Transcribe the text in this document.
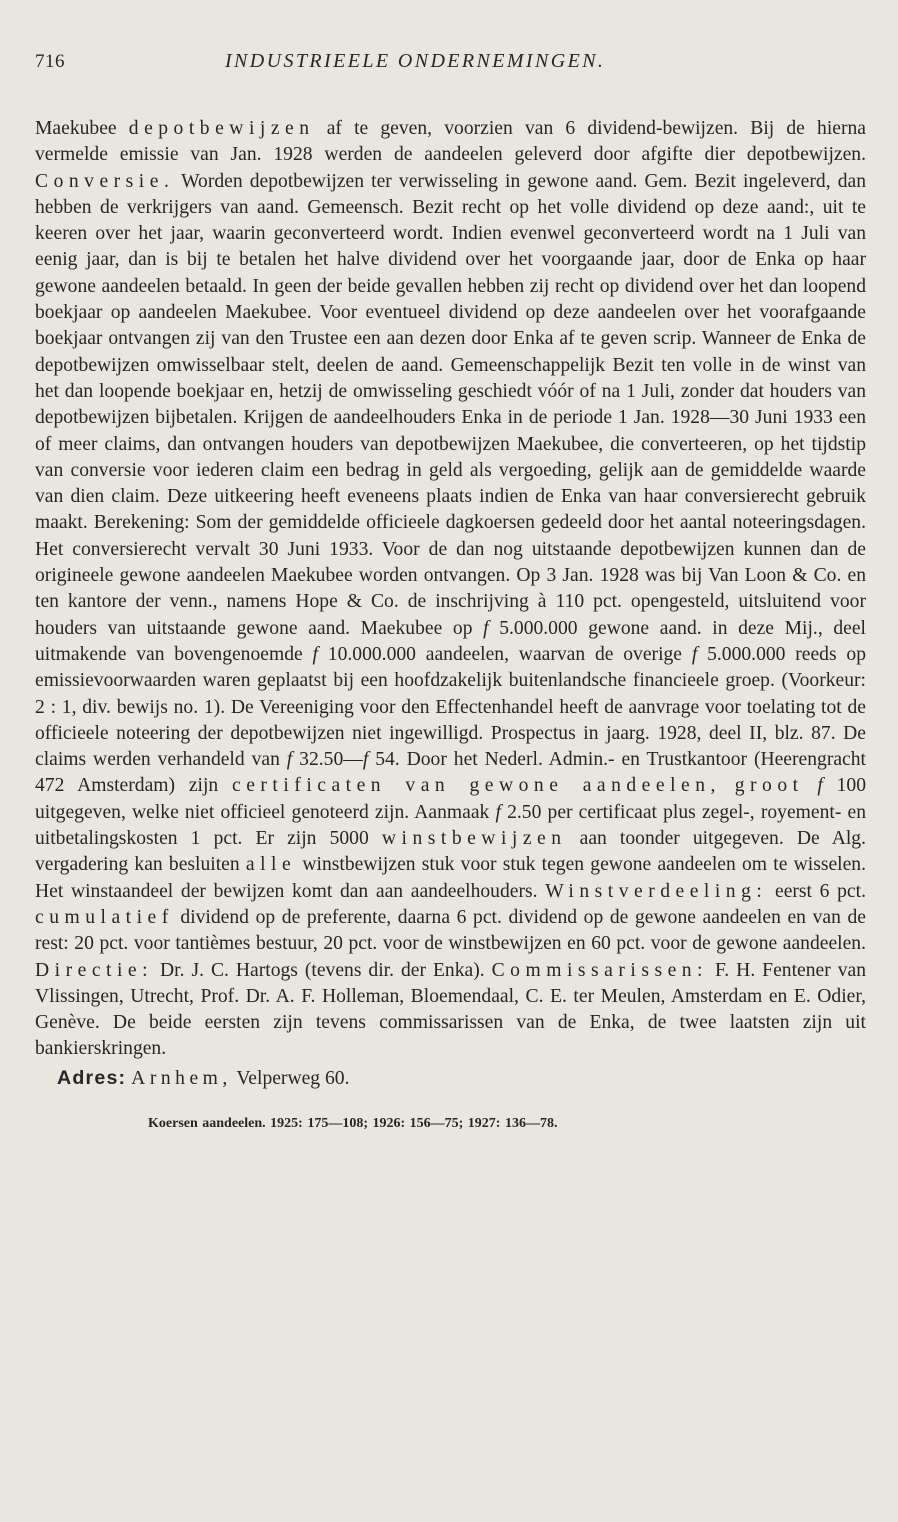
716	INDUSTRIEELE ONDERNEMINGEN.
Maekubee depotbewijzen af te geven, voorzien van 6 dividend-bewijzen. Bij de hierna vermelde emissie van Jan. 1928 werden de aandeelen geleverd door afgifte dier depotbewijzen. Conversie. Worden depotbewijzen ter verwisseling in gewone aand. Gem. Bezit ingeleverd, dan hebben de verkrijgers van aand. Gemeensch. Bezit recht op het volle dividend op deze aand:, uit te keeren over het jaar, waarin geconverteerd wordt. Indien evenwel geconverteerd wordt na 1 Juli van eenig jaar, dan is bij te betalen het halve dividend over het voorgaande jaar, door de Enka op haar gewone aandeelen betaald. In geen der beide gevallen hebben zij recht op dividend over het dan loopend boekjaar op aandeelen Maekubee. Voor eventueel dividend op deze aandeelen over het voorafgaande boekjaar ontvangen zij van den Trustee een aan dezen door Enka af te geven scrip. Wanneer de Enka de depotbewijzen omwisselbaar stelt, deelen de aand. Gemeenschappelijk Bezit ten volle in de winst van het dan loopende boekjaar en, hetzij de omwisseling geschiedt vóór of na 1 Juli, zonder dat houders van depotbewijzen bijbetalen. Krijgen de aandeelhouders Enka in de periode 1 Jan. 1928—30 Juni 1933 een of meer claims, dan ontvangen houders van depotbewijzen Maekubee, die converteeren, op het tijdstip van conversie voor iederen claim een bedrag in geld als vergoeding, gelijk aan de gemiddelde waarde van dien claim. Deze uitkeering heeft eveneens plaats indien de Enka van haar conversierecht gebruik maakt. Berekening: Som der gemiddelde officieele dagkoersen gedeeld door het aantal noteeringsdagen. Het conversierecht vervalt 30 Juni 1933. Voor de dan nog uitstaande depotbewijzen kunnen dan de origineele gewone aandeelen Maekubee worden ontvangen. Op 3 Jan. 1928 was bij Van Loon & Co. en ten kantore der venn., namens Hope & Co. de inschrijving à 110 pct. opengesteld, uitsluitend voor houders van uitstaande gewone aand. Maekubee op f 5.000.000 gewone aand. in deze Mij., deel uitmakende van bovengenoemde f 10.000.000 aandeelen, waarvan de overige f 5.000.000 reeds op emissievoorwaarden waren geplaatst bij een hoofdzakelijk buitenlandsche financieele groep. (Voorkeur: 2 : 1, div. bewijs no. 1). De Vereeniging voor den Effectenhandel heeft de aanvrage voor toelating tot de officieele noteering der depotbewijzen niet ingewilligd. Prospectus in jaarg. 1928, deel II, blz. 87. De claims werden verhandeld van f 32.50—f 54. Door het Nederl. Admin.- en Trustkantoor (Heerengracht 472 Amsterdam) zijn certificaten van gewone aandeelen, groot f 100 uitgegeven, welke niet officieel genoteerd zijn. Aanmaak f 2.50 per certificaat plus zegel-, royement- en uitbetalingskosten 1 pct. Er zijn 5000 winstbewijzen aan toonder uitgegeven. De Alg. vergadering kan besluiten alle winstbewijzen stuk voor stuk tegen gewone aandeelen om te wisselen. Het winstaandeel der bewijzen komt dan aan aandeelhouders. Winstverdeeling: eerst 6 pct. cumulatief dividend op de preferente, daarna 6 pct. dividend op de gewone aandeelen en van de rest: 20 pct. voor tantièmes bestuur, 20 pct. voor de winstbewijzen en 60 pct. voor de gewone aandeelen. Directie: Dr. J. C. Hartogs (tevens dir. der Enka). Commissarissen: F. H. Fentener van Vlissingen, Utrecht, Prof. Dr. A. F. Holleman, Bloemendaal, C. E. ter Meulen, Amsterdam en E. Odier, Genève. De beide eersten zijn tevens commissarissen van de Enka, de twee laatsten zijn uit bankierskringen.
Adres: Arnhem, Velperweg 60.
Koersen aandeelen. 1925: 175—108; 1926: 156—75; 1927: 136—78.
